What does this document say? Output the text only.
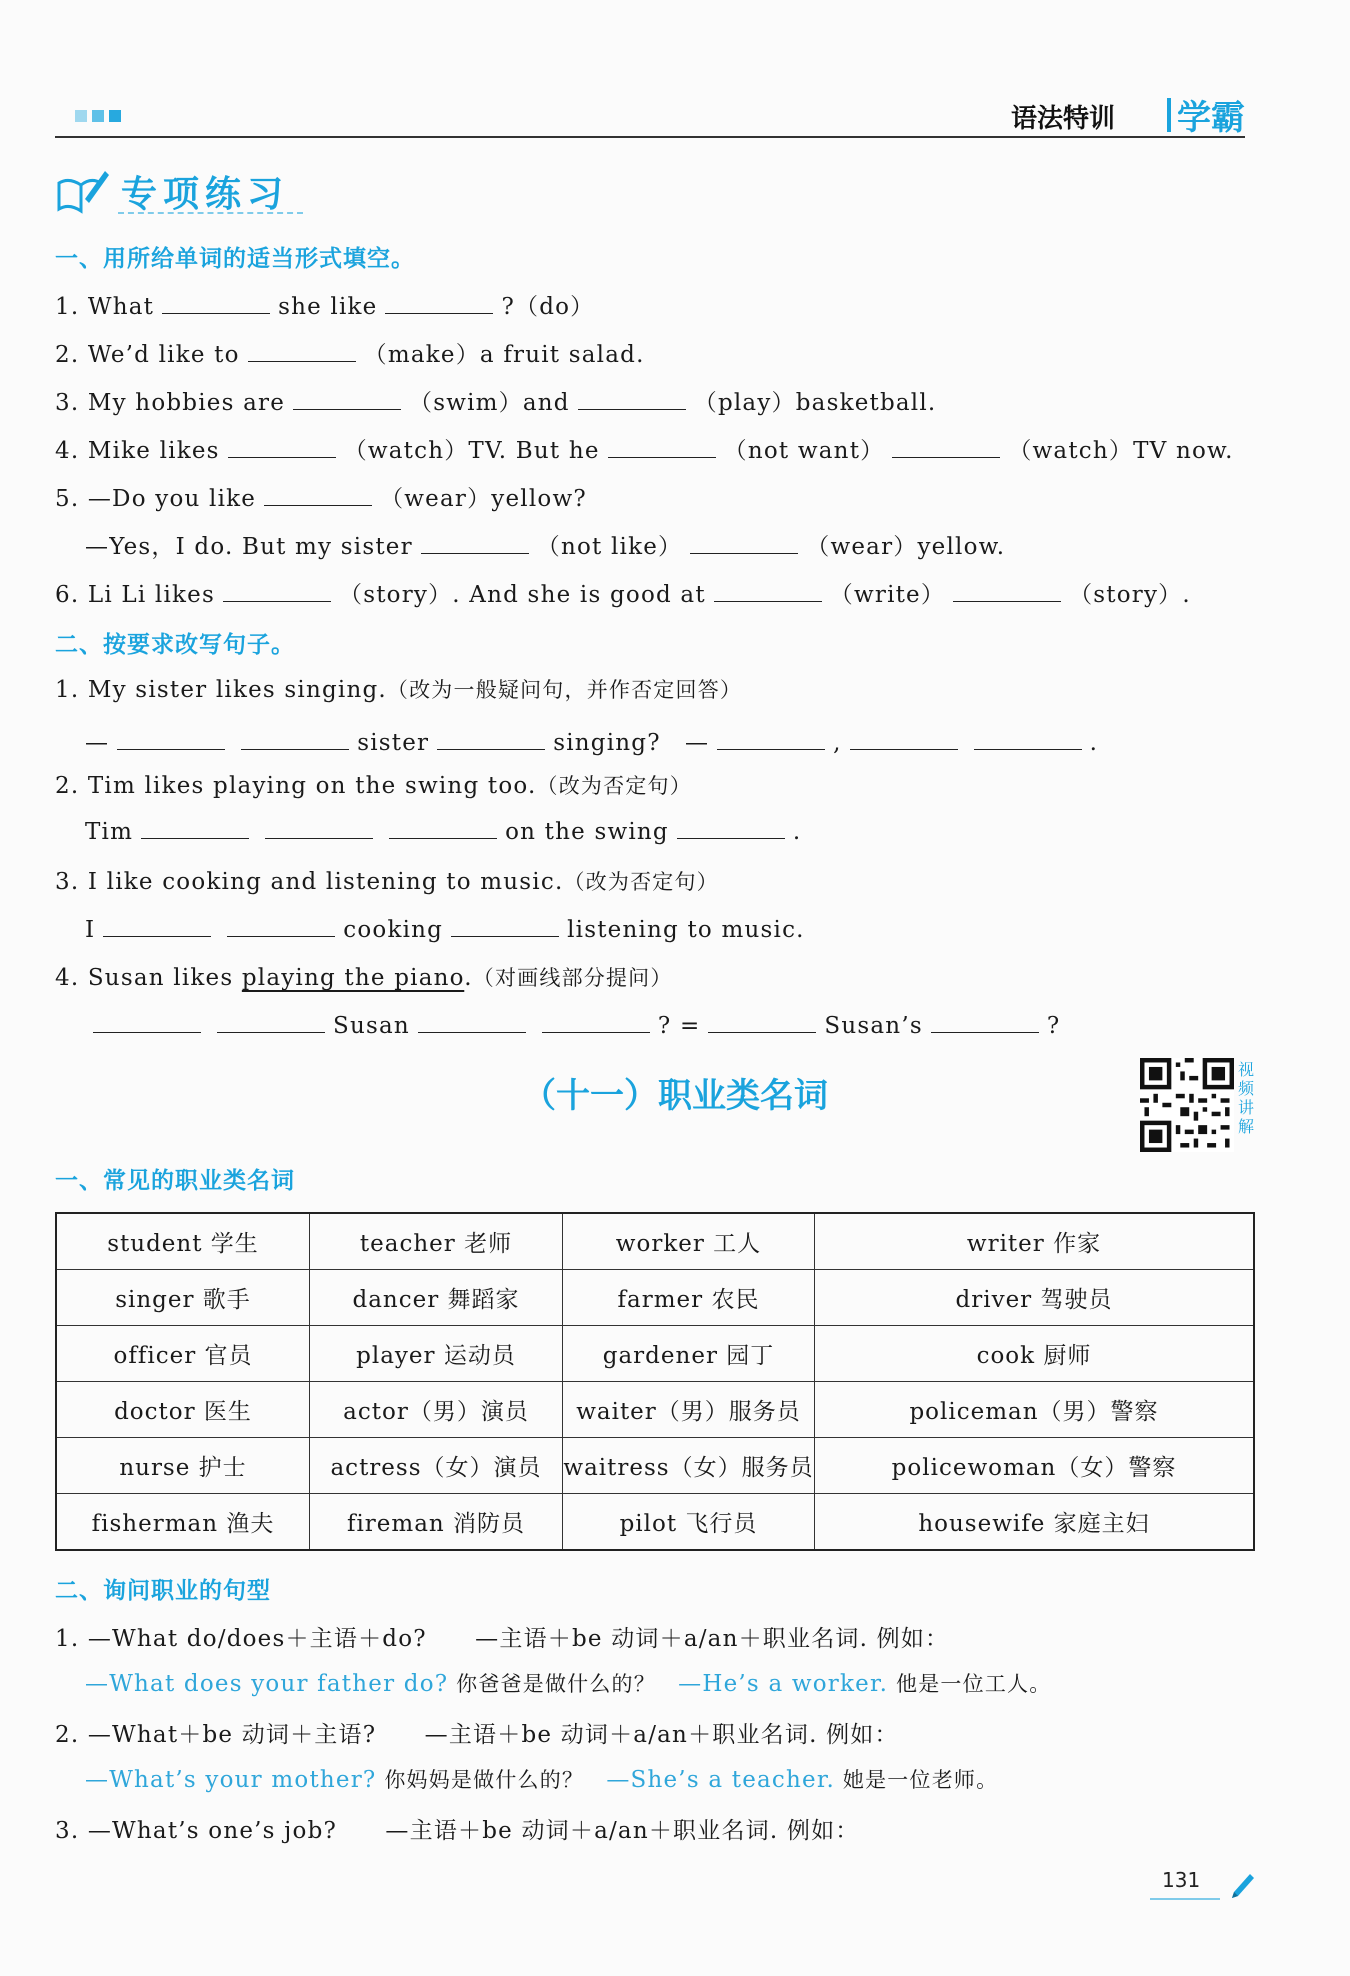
语法特训 学霸
专项练习
一、用所给单词的适当形式填空。
1. What	she like	?（do）
2. We’d like to	（make）a fruit salad.
3. My hobbies are	（swim）and	（play）basketball.
4. Mike likes	（watch）TV. But he	（not want）	（watch）TV now.
5. —Do you like	（wear）yellow?
—Yes，I do. But my sister	（not like）	（wear）yellow.
6. Li Li likes	（story）. And she is good at	（write）	（story）.
二、按要求改写句子。
1. My sister likes singing.（改为一般疑问句，并作否定回答）
—	sister	singing?　 —	,	.
2. Tim likes playing on the swing too.（改为否定句）
Tim	on the swing	.
3. I like cooking and listening to music.（改为否定句）
I	cooking	listening to music.
4. Susan likes playing the piano.（对画线部分提问）
Susan	? =	Susan’s	?
（十一）职业类名词
视频讲解
一、常见的职业类名词
student 学生	teacher 老师	worker 工人	writer 作家
singer 歌手	dancer 舞蹈家	farmer 农民	driver 驾驶员
officer 官员	player 运动员	gardener 园丁	cook 厨师
doctor 医生	actor（男）演员	waiter（男）服务员	policeman（男）警察
nurse 护士	actress（女）演员	waitress（女）服务员	policewoman（女）警察
fisherman 渔夫	fireman 消防员	pilot 飞行员	housewife 家庭主妇
二、询问职业的句型
1. —What do/does＋主语＋do?　　—主语＋be 动词＋a/an＋职业名词. 例如：
—What does your father do? 你爸爸是做什么的？　—He’s a worker. 他是一位工人。
2. —What＋be 动词＋主语?　　—主语＋be 动词＋a/an＋职业名词. 例如：
—What’s your mother? 你妈妈是做什么的？　—She’s a teacher. 她是一位老师。
3. —What’s one’s job?　　—主语＋be 动词＋a/an＋职业名词. 例如：
131
